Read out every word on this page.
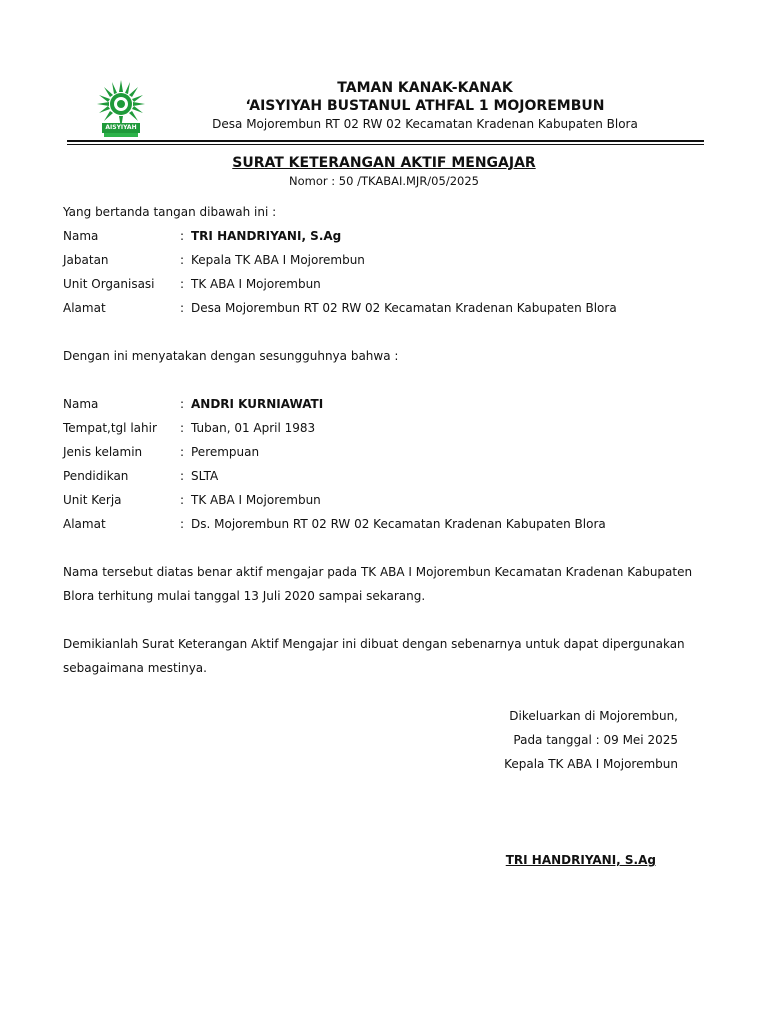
AISYIYAH
TAMAN KANAK-KANAK
‘AISYIYAH BUSTANUL ATHFAL 1 MOJOREMBUN
Desa Mojorembun RT 02 RW 02 Kecamatan Kradenan Kabupaten Blora
SURAT KETERANGAN AKTIF MENGAJAR
Nomor : 50 /TKABAI.MJR/05/2025
Yang bertanda tangan dibawah ini :
Nama	: TRI HANDRIYANI, S.Ag
Jabatan	: Kepala TK ABA I Mojorembun
Unit Organisasi : TK ABA I Mojorembun
Alamat	: Desa Mojorembun RT 02 RW 02 Kecamatan Kradenan Kabupaten Blora
Dengan ini menyatakan dengan sesungguhnya bahwa :
Nama	: ANDRI KURNIAWATI
Tempat,tgl lahir : Tuban, 01 April 1983
Jenis kelamin	: Perempuan
Pendidikan	: SLTA
Unit Kerja	: TK ABA I Mojorembun
Alamat	: Ds. Mojorembun RT 02 RW 02 Kecamatan Kradenan Kabupaten Blora
Nama tersebut diatas benar aktif mengajar pada TK ABA I Mojorembun Kecamatan Kradenan Kabupaten
Blora terhitung mulai tanggal 13 Juli 2020 sampai sekarang.
Demikianlah Surat Keterangan Aktif Mengajar ini dibuat dengan sebenarnya untuk dapat dipergunakan
sebagaimana mestinya.
Dikeluarkan di Mojorembun,
Pada tanggal : 09 Mei 2025
Kepala TK ABA I Mojorembun
TRI HANDRIYANI, S.Ag
